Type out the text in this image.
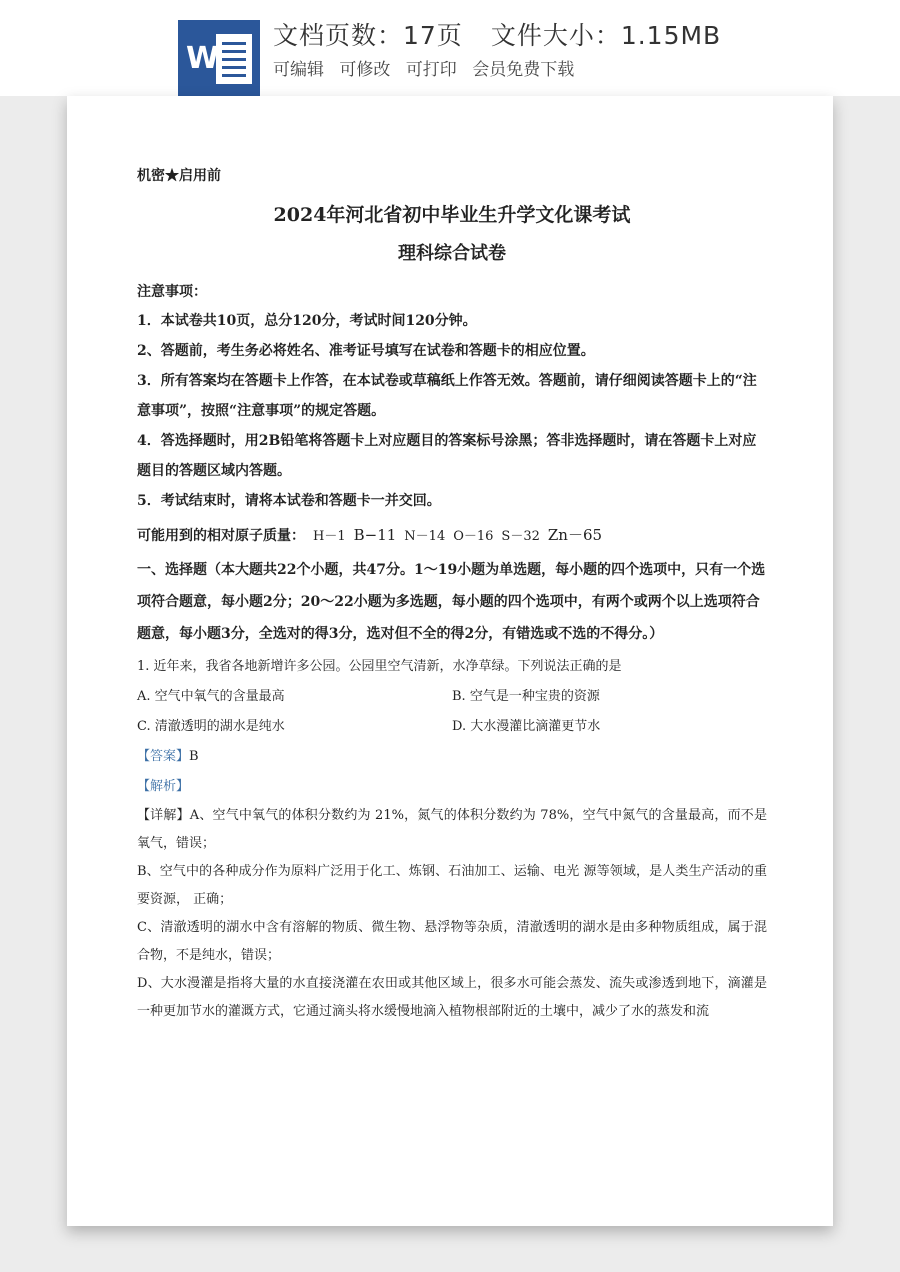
W
文档页数：17页 文件大小：1.15MB
可编辑 可修改 可打印 会员免费下载
机密★启用前
2024年河北省初中毕业生升学文化课考试
理科综合试卷
注意事项：

1．本试卷共10页，总分120分，考试时间120分钟。

2、答题前，考生务必将姓名、准考证号填写在试卷和答题卡的相应位置。

3．所有答案均在答题卡上作答，在本试卷或草稿纸上作答无效。答题前，请仔细阅读答题卡上的“注意事项”，按照“注意事项”的规定答题。

4．答选择题时，用2B铅笔将答题卡上对应题目的答案标号涂黑；答非选择题时，请在答题卡上对应题目的答题区域内答题。

5．考试结束时，请将本试卷和答题卡一并交回。

可能用到的相对原子质量： H－1 B−11 N－14 O－16 S－32 Zn－65
一、选择题（本大题共22个小题，共47分。1～19小题为单选题，每小题的四个选项中，只有一个选项符合题意，每小题2分；20～22小题为多选题，每小题的四个选项中，有两个或两个以上选项符合题意，每小题3分，全选对的得3分，选对但不全的得2分，有错选或不选的不得分。）
1. 近年来，我省各地新增许多公园。公园里空气清新，水净草绿。下列说法正确的是
A. 空气中氧气的含量最高	B. 空气是一种宝贵的资源
C. 清澈透明的湖水是纯水	D. 大水漫灌比滴灌更节水
【答案】B
【解析】

【详解】A、空气中氧气的体积分数约为 21%，氮气的体积分数约为 78%，空气中氮气的含量最高，而不是氧气，错误；

B、空气中的各种成分作为原料广泛用于化工、炼钢、石油加工、运输、电光 源等领域，是人类生产活动的重要资源， 正确；

C、清澈透明的湖水中含有溶解的物质、微生物、悬浮物等杂质，清澈透明的湖水是由多种物质组成，属于混合物，不是纯水，错误；

D、大水漫灌是指将大量的水直接浇灌在农田或其他区域上，很多水可能会蒸发、流失或渗透到地下，滴灌是一种更加节水的灌溉方式，它通过滴头将水缓慢地滴入植物根部附近的土壤中，减少了水的蒸发和流
